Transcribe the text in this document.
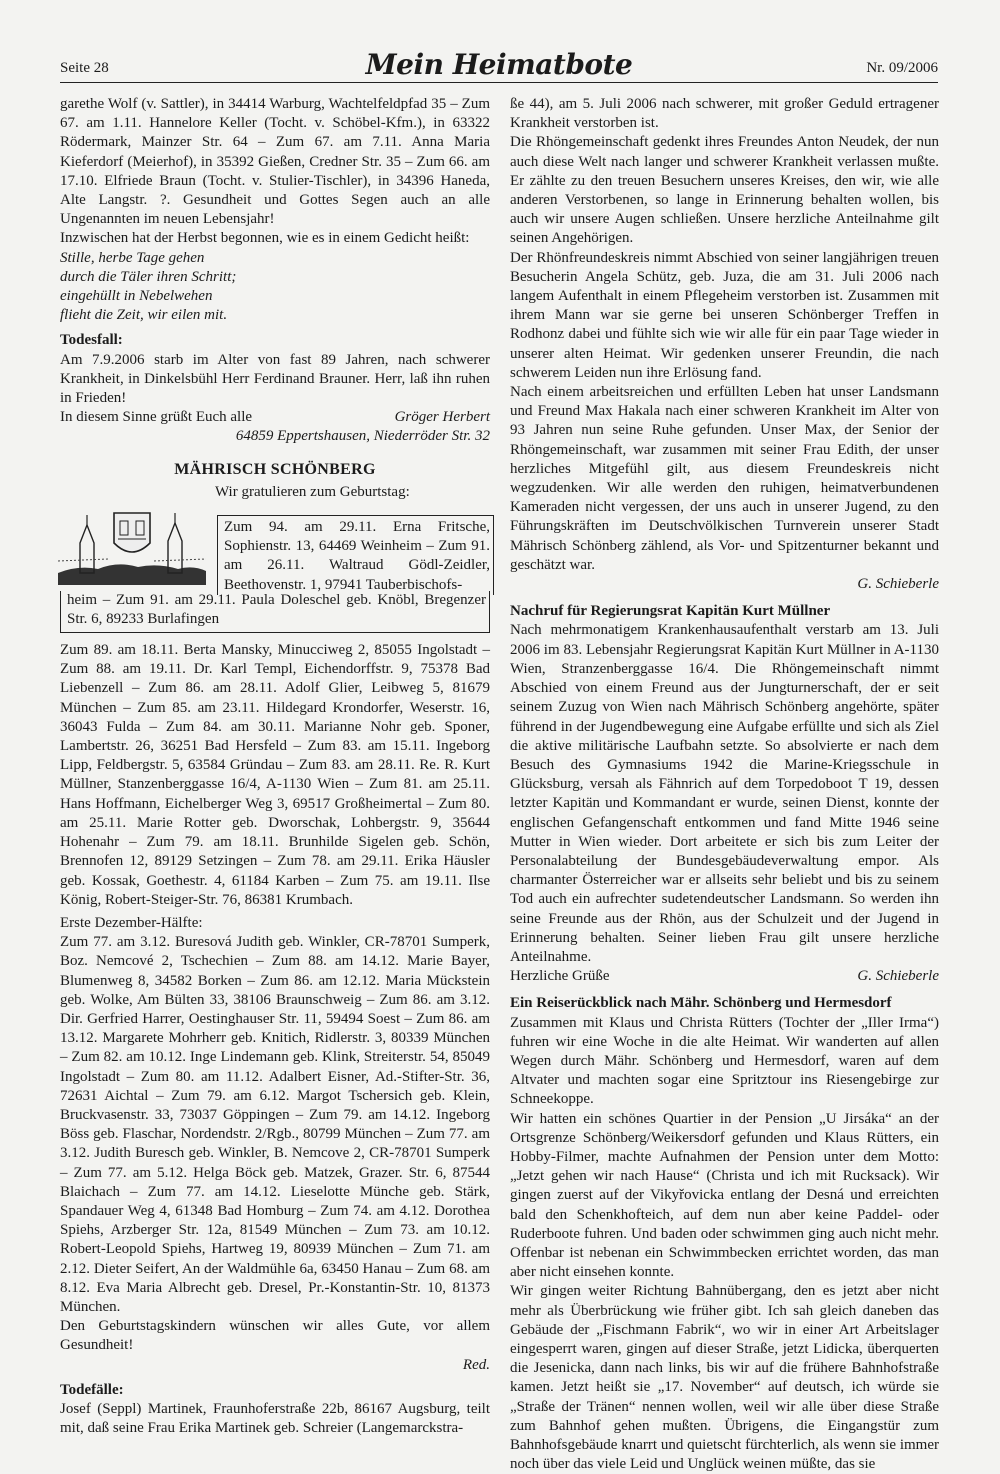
Seite 28	Mein Heimatbote	Nr. 09/2006

garethe Wolf (v. Sattler), in 34414 Warburg, Wachtelfeldpfad 35 – Zum 67. am 1.11. Hannelore Keller (Tocht. v. Schöbel-Kfm.), in 63322 Rödermark, Mainzer Str. 64 – Zum 67. am 7.11. Anna Maria Kieferdorf (Meierhof), in 35392 Gießen, Credner Str. 35 – Zum 66. am 17.10. Elfriede Braun (Tocht. v. Stulier-Tischler), in 34396 Haneda, Alte Langstr. ?. Gesundheit und Gottes Segen auch an alle Ungenannten im neuen Lebensjahr!

Inzwischen hat der Herbst begonnen, wie es in einem Gedicht heißt:

Stille, herbe Tage gehen
durch die Täler ihren Schritt;
eingehüllt in Nebelwehen
flieht die Zeit, wir eilen mit.

Todesfall:

Am 7.9.2006 starb im Alter von fast 89 Jahren, nach schwerer Krankheit, in Dinkelsbühl Herr Ferdinand Brauner. Herr, laß ihn ruhen in Frieden!

In diesem Sinne grüßt Euch alle	Gröger Herbert

64859 Eppertshausen, Niederröder Str. 32

MÄHRISCH SCHÖNBERG

Wir gratulieren zum Geburtstag:

Zum 94. am 29.11. Erna Fritsche, Sophienstr. 13, 64469 Weinheim – Zum 91. am 26.11. Waltraud Gödl-Zeidler, Beethovenstr. 1, 97941 Tauberbischofs-
heim – Zum 91. am 29.11. Paula Doleschel geb. Knöbl, Bregenzer Str. 6, 89233 Burlafingen

Zum 89. am 18.11. Berta Mansky, Minucciweg 2, 85055 Ingolstadt – Zum 88. am 19.11. Dr. Karl Templ, Eichendorffstr. 9, 75378 Bad Liebenzell – Zum 86. am 28.11. Adolf Glier, Leibweg 5, 81679 München – Zum 85. am 23.11. Hildegard Krondorfer, Weserstr. 16, 36043 Fulda – Zum 84. am 30.11. Marianne Nohr geb. Sponer, Lambertstr. 26, 36251 Bad Hersfeld – Zum 83. am 15.11. Ingeborg Lipp, Feldbergstr. 5, 63584 Gründau – Zum 83. am 28.11. Re. R. Kurt Müllner, Stanzenberggasse 16/4, A-1130 Wien – Zum 81. am 25.11. Hans Hoffmann, Eichelberger Weg 3, 69517 Großheimertal – Zum 80. am 25.11. Marie Rotter geb. Dworschak, Lohbergstr. 9, 35644 Hohenahr – Zum 79. am 18.11. Brunhilde Sigelen geb. Schön, Brennofen 12, 89129 Setzingen – Zum 78. am 29.11. Erika Häusler geb. Kossak, Goethestr. 4, 61184 Karben – Zum 75. am 19.11. Ilse König, Robert-Steiger-Str. 76, 86381 Krumbach.

Erste Dezember-Hälfte:

Zum 77. am 3.12. Buresová Judith geb. Winkler, CR-78701 Sumperk, Boz. Nemcové 2, Tschechien – Zum 88. am 14.12. Marie Bayer, Blumenweg 8, 34582 Borken – Zum 86. am 12.12. Maria Mückstein geb. Wolke, Am Bülten 33, 38106 Braunschweig – Zum 86. am 3.12. Dir. Gerfried Harrer, Oestinghauser Str. 11, 59494 Soest – Zum 86. am 13.12. Margarete Mohrherr geb. Knitich, Ridlerstr. 3, 80339 München – Zum 82. am 10.12. Inge Lindemann geb. Klink, Streiterstr. 54, 85049 Ingolstadt – Zum 80. am 11.12. Adalbert Eisner, Ad.-Stifter-Str. 36, 72631 Aichtal – Zum 79. am 6.12. Margot Tschersich geb. Klein, Bruckvasenstr. 33, 73037 Göppingen – Zum 79. am 14.12. Ingeborg Böss geb. Flaschar, Nordendstr. 2/Rgb., 80799 München – Zum 77. am 3.12. Judith Buresch geb. Winkler, B. Nemcove 2, CR-78701 Sumperk – Zum 77. am 5.12. Helga Böck geb. Matzek, Grazer. Str. 6, 87544 Blaichach – Zum 77. am 14.12. Lieselotte Münche geb. Stärk, Spandauer Weg 4, 61348 Bad Homburg – Zum 74. am 4.12. Dorothea Spiehs, Arzberger Str. 12a, 81549 München – Zum 73. am 10.12. Robert-Leopold Spiehs, Hartweg 19, 80939 München – Zum 71. am 2.12. Dieter Seifert, An der Waldmühle 6a, 63450 Hanau – Zum 68. am 8.12. Eva Maria Albrecht geb. Dresel, Pr.-Konstantin-Str. 10, 81373 München.

Den Geburtstagskindern wünschen wir alles Gute, vor allem Gesundheit!
Red.

Todefälle:

Josef (Seppl) Martinek, Fraunhoferstraße 22b, 86167 Augsburg, teilt mit, daß seine Frau Erika Martinek geb. Schreier (Langemarckstra-

ße 44), am 5. Juli 2006 nach schwerer, mit großer Geduld ertragener Krankheit verstorben ist.

Die Rhöngemeinschaft gedenkt ihres Freundes Anton Neudek, der nun auch diese Welt nach langer und schwerer Krankheit verlassen mußte. Er zählte zu den treuen Besuchern unseres Kreises, den wir, wie alle anderen Verstorbenen, so lange in Erinnerung behalten wollen, bis auch wir unsere Augen schließen. Unsere herzliche Anteilnahme gilt seinen Angehörigen.

Der Rhönfreundeskreis nimmt Abschied von seiner langjährigen treuen Besucherin Angela Schütz, geb. Juza, die am 31. Juli 2006 nach langem Aufenthalt in einem Pflegeheim verstorben ist. Zusammen mit ihrem Mann war sie gerne bei unseren Schönberger Treffen in Rodhonz dabei und fühlte sich wie wir alle für ein paar Tage wieder in unserer alten Heimat. Wir gedenken unserer Freundin, die nach schwerem Leiden nun ihre Erlösung fand.

Nach einem arbeitsreichen und erfüllten Leben hat unser Landsmann und Freund Max Hakala nach einer schweren Krankheit im Alter von 93 Jahren nun seine Ruhe gefunden. Unser Max, der Senior der Rhöngemeinschaft, war zusammen mit seiner Frau Edith, der unser herzliches Mitgefühl gilt, aus diesem Freundeskreis nicht wegzudenken. Wir alle werden den ruhigen, heimatverbundenen Kameraden nicht vergessen, der uns auch in unserer Jugend, zu den Führungskräften im Deutschvölkischen Turnverein unserer Stadt Mährisch Schönberg zählend, als Vor- und Spitzenturner bekannt und geschätzt war.

G. Schieberle

Nachruf für Regierungsrat Kapitän Kurt Müllner

Nach mehrmonatigem Krankenhausaufenthalt verstarb am 13. Juli 2006 im 83. Lebensjahr Regierungsrat Kapitän Kurt Müllner in A-1130 Wien, Stranzenberggasse 16/4. Die Rhöngemeinschaft nimmt Abschied von einem Freund aus der Jungturnerschaft, der er seit seinem Zuzug von Wien nach Mährisch Schönberg angehörte, später führend in der Jugendbewegung eine Aufgabe erfüllte und sich als Ziel die aktive militärische Laufbahn setzte. So absolvierte er nach dem Besuch des Gymnasiums 1942 die Marine-Kriegsschule in Glücksburg, versah als Fähnrich auf dem Torpedoboot T 19, dessen letzter Kapitän und Kommandant er wurde, seinen Dienst, konnte der englischen Gefangenschaft entkommen und fand Mitte 1946 seine Mutter in Wien wieder. Dort arbeitete er sich bis zum Leiter der Personalabteilung der Bundesgebäudeverwaltung empor. Als charmanter Österreicher war er allseits sehr beliebt und bis zu seinem Tod auch ein aufrechter sudetendeutscher Landsmann. So werden ihn seine Freunde aus der Rhön, aus der Schulzeit und der Jugend in Erinnerung behalten. Seiner lieben Frau gilt unsere herzliche Anteilnahme.

Herzliche Grüße	G. Schieberle

Ein Reiserückblick nach Mähr. Schönberg und Hermesdorf

Zusammen mit Klaus und Christa Rütters (Tochter der „Iller Irma“) fuhren wir eine Woche in die alte Heimat. Wir wanderten auf allen Wegen durch Mähr. Schönberg und Hermesdorf, waren auf dem Altvater und machten sogar eine Spritztour ins Riesengebirge zur Schneekoppe.

Wir hatten ein schönes Quartier in der Pension „U Jirsáka“ an der Ortsgrenze Schönberg/Weikersdorf gefunden und Klaus Rütters, ein Hobby-Filmer, machte Aufnahmen der Pension unter dem Motto: „Jetzt gehen wir nach Hause“ (Christa und ich mit Rucksack). Wir gingen zuerst auf der Vikyřovicka entlang der Desná und erreichten bald den Schenkhofteich, auf dem nun aber keine Paddel- oder Ruderboote fuhren. Und baden oder schwimmen ging auch nicht mehr. Offenbar ist nebenan ein Schwimmbecken errichtet worden, das man aber nicht einsehen konnte.

Wir gingen weiter Richtung Bahnübergang, den es jetzt aber nicht mehr als Überbrückung wie früher gibt. Ich sah gleich daneben das Gebäude der „Fischmann Fabrik“, wo wir in einer Art Arbeitslager eingesperrt waren, gingen auf dieser Straße, jetzt Lidicka, überquerten die Jesenicka, dann nach links, bis wir auf die frühere Bahnhofstraße kamen. Jetzt heißt sie „17. November“ auf deutsch, ich würde sie „Straße der Tränen“ nennen wollen, weil wir alle über diese Straße zum Bahnhof gehen mußten. Übrigens, die Eingangstür zum Bahnhofsgebäude knarrt und quietscht fürchterlich, als wenn sie immer noch über das viele Leid und Unglück weinen müßte, das sie
